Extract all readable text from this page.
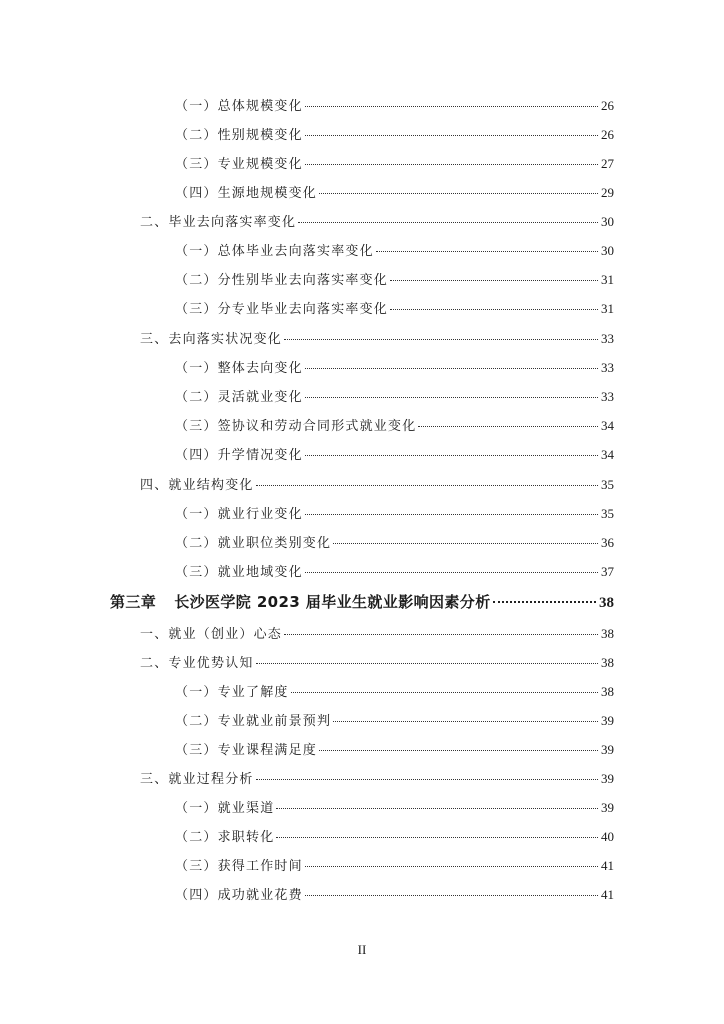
（一）总体规模变化	26
（二）性别规模变化	26
（三）专业规模变化	27
（四）生源地规模变化	29
二、毕业去向落实率变化	30
（一）总体毕业去向落实率变化	30
（二）分性别毕业去向落实率变化	31
（三）分专业毕业去向落实率变化	31
三、去向落实状况变化	33
（一）整体去向变化	33
（二）灵活就业变化	33
（三）签协议和劳动合同形式就业变化	34
（四）升学情况变化	34
四、就业结构变化	35
（一）就业行业变化	35
（二）就业职位类别变化	36
（三）就业地域变化	37
第三章 长沙医学院 2023 届毕业生就业影响因素分析	38
一、就业（创业）心态	38
二、专业优势认知	38
（一）专业了解度	38
（二）专业就业前景预判	39
（三）专业课程满足度	39
三、就业过程分析	39
（一）就业渠道	39
（二）求职转化	40
（三）获得工作时间	41
（四）成功就业花费	41
II
